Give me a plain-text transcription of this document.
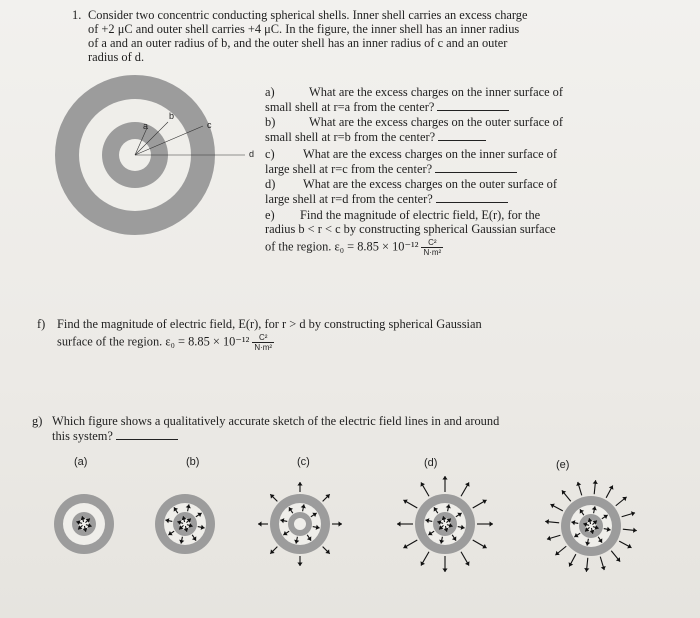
1. Consider two concentric conducting spherical shells. Inner shell carries an excess charge
of +2 μC and outer shell carries +4 μC. In the figure, the inner shell has an inner radius
of a and an outer radius of b, and the outer shell has an inner radius of c and an outer
radius of d.
a
b
c
d
a)	What are the excess charges on the inner surface of
small shell at r=a from the center?
b)	What are the excess charges on the outer surface of
small shell at r=b from the center?
c) What are the excess charges on the inner surface of
large shell at r=c from the center?
d) What are the excess charges on the outer surface of
large shell at r=d from the center?
e) Find the magnitude of electric field, E(r), for the
radius b < r < c by constructing spherical Gaussian surface
of the region. $\varepsilon_0 = 8.85 \times 10^{-12} \frac{\text{C²}}{\text{N·m²}}$
f) Find the magnitude of electric field, E(r), for r > d by constructing spherical Gaussian
surface of the region. $\varepsilon_0 = 8.85 \times 10^{-12} \frac{\text{C²}}{\text{N·m²}}$
g) Which figure shows a qualitatively accurate sketch of the electric field lines in and around
this system?
(a)	(b)	(c)	(d)	(e)
